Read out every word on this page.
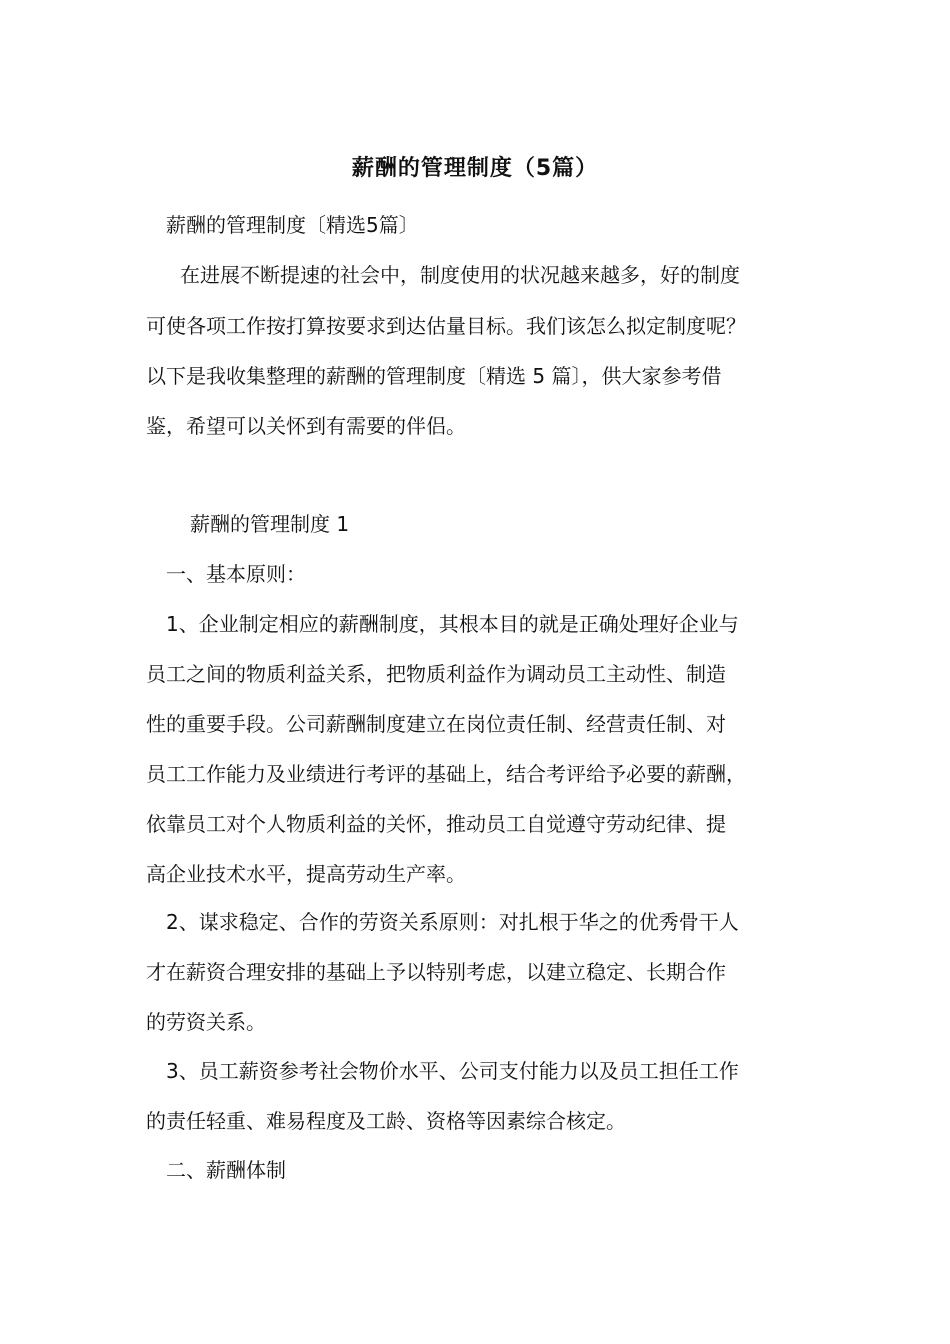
薪酬的管理制度（5篇）
薪酬的管理制度〔精选5篇〕
在进展不断提速的社会中，制度使用的状况越来越多，好的制度
可使各项工作按打算按要求到达估量目标。我们该怎么拟定制度呢？
以下是我收集整理的薪酬的管理制度〔精选 5 篇〕，供大家参考借
鉴，希望可以关怀到有需要的伴侣。
薪酬的管理制度 1
一、基本原则：
1、企业制定相应的薪酬制度，其根本目的就是正确处理好企业与
员工之间的物质利益关系，把物质利益作为调动员工主动性、制造
性的重要手段。公司薪酬制度建立在岗位责任制、经营责任制、对
员工工作能力及业绩进行考评的基础上，结合考评给予必要的薪酬，
依靠员工对个人物质利益的关怀，推动员工自觉遵守劳动纪律、提
高企业技术水平，提高劳动生产率。
2、谋求稳定、合作的劳资关系原则：对扎根于华之的优秀骨干人
才在薪资合理安排的基础上予以特别考虑，以建立稳定、长期合作
的劳资关系。
3、员工薪资参考社会物价水平、公司支付能力以及员工担任工作
的责任轻重、难易程度及工龄、资格等因素综合核定。
二、薪酬体制
